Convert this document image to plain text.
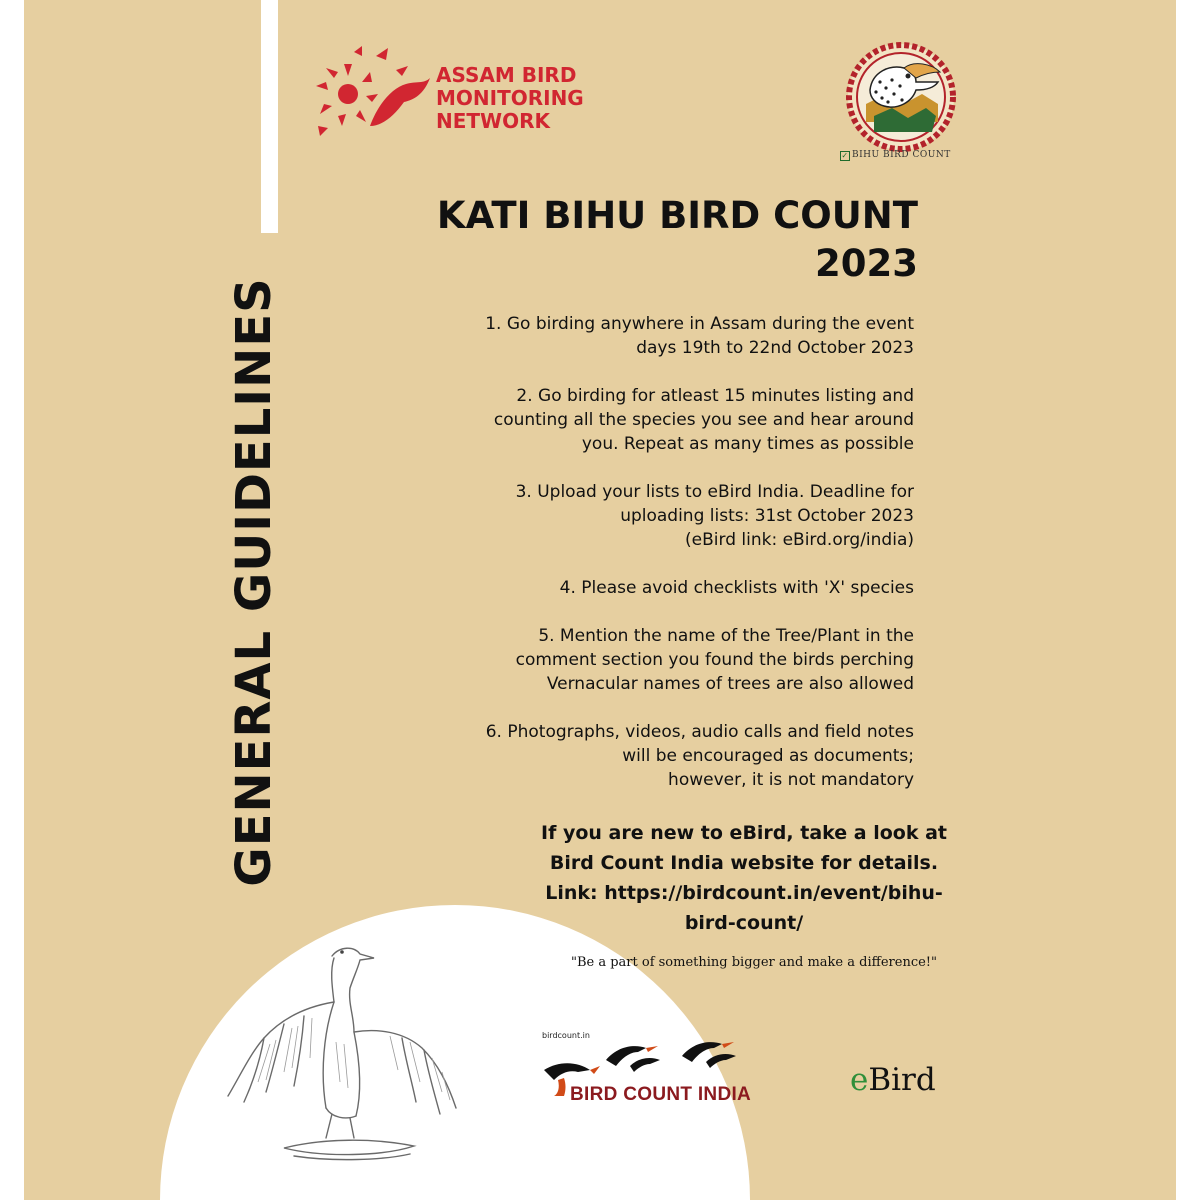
GENERAL GUIDELINES
ASSAM BIRD
MONITORING
NETWORK
✓ BIHU BIRD COUNT
KATI BIHU BIRD COUNT
2023
1. Go birding anywhere in Assam during the event
days 19th to 22nd October 2023
2. Go birding for atleast 15 minutes listing and
counting all the species you see and hear around
you. Repeat as many times as possible
3. Upload your lists to eBird India. Deadline for
uploading lists: 31st October 2023
(eBird link: eBird.org/india)
4. Please avoid checklists with 'X' species
5. Mention the name of the Tree/Plant in the
comment section you found the birds perching
Vernacular names of trees are also allowed
6. Photographs, videos, audio calls and field notes
will be encouraged as documents;
however, it is not mandatory
If you are new to eBird, take a look at
Bird Count India website for details.
Link: https://birdcount.in/event/bihu-
bird-count/
"Be a part of something bigger and make a difference!"
birdcount.in
BIRD COUNT INDIA	eBird
